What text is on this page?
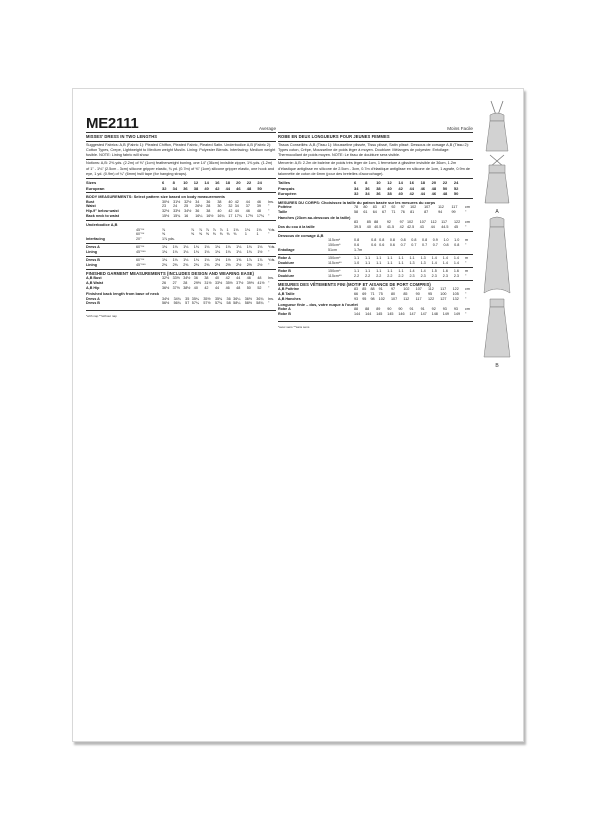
ME2111	Average
MISSES' DRESS IN TWO LENGTHS
Suggested Fabrics: A,B (Fabric 1): Pleated Chiffon, Pleated Fabric, Pleated Satin. Underbodice A,B (Fabric 2): Cotton Types, Crepe, Lightweight to Medium weight Muslin. Lining: Polyester Blends. Interfacing: Medium weight fusible. NOTE: Lining fabric will show.
Notions: A,B: 2⅜ yds. (2.2m) of ⅜" (1cm) featherweight boning, one 14" (36cm) invisible zipper, 1⅜ yds. (1.2m) of 1" - 1⅛" (2.5cm - 3cm) silicone gripper elastic, ¾ yd. (0.7m) of ⅜" (1cm) silicone gripper elastic, one hook and eye, 1 yd. (0.9m) of ¼" (6mm) twill tape (for hanging straps).
Sizes		6	8	10	12	14	16	18	20	22	24	
European		32	34	36	38	40	42	44	46	48	50	
BODY MEASUREMENTS: Select pattern size based on body measurements
Bust		30½	31½	32½	34	36	38	40	42	44	46	Ins.
Waist		23	24	25	26½	28	30	32	34	37	39	"
Hip-9" below waist		32½	33½	34½	36	38	40	42	44	46	48	"
Back neck to waist		15½	15¾	16	16¼	16½	16¾	17	17¼	17½	17¾	"
Underbodice A,B
	45"**	⅞	⅞	⅞	⅞	⅞	⅞	1	1⅛	1⅛	1⅛	Yds.
	60"**	⅝	⅝	⅝	⅝	⅝	⅝	⅝	⅝	1	1	"
Interfacing	20"	1⅞ yds.										
Dress A	60"**	1⅛	1⅛	1⅛	1⅛	1⅛	1⅛	1⅛	1⅛	1⅛	1⅛	Yds.
Lining	45"***	1⅛	1⅛	1⅛	1⅛	1⅛	1⅛	1⅛	1⅛	1⅛	1½	"
Dress B	60"**	1⅛	1⅛	1⅛	1⅛	1⅛	1½	1½	1⅝	1⅞	1⅞	Yds.
Lining	45"***	2⅜	2⅜	2⅜	2⅜	2⅜	2½	2½	2½	2½	2½	"
FINISHED GARMENT MEASUREMENTS (INCLUDES DESIGN AND WEARING EASE)
A,B Bust		32½	33½	34½	36	38	40	42	44	46	48	Ins.
A,B Waist		26	27	28	29½	31½	33½	35½	37½	39½	41½	"
A,B Hip		36½	37½	38½	40	42	44	46	48	50	52	"
Finished back length from base of neck
Dress A		34½	34¾	35	35¼	35½	35¾	36	36¼	36½	36¾	Ins.
Dress B		56½	56¾	57	57¼	57½	57¾	58	58¼	58½	58¾	"
*with nap **without nap
Moins Facile
ROBE EN DEUX LONGUEURS POUR JEUNES FEMMES
Tissus Conseillés: A,B (Tissu 1): Mousseline plissée, Tissu plissé, Satin plissé. Dessous de corsage A,B (Tissu 2): Types coton, Crêpe, Mousseline de poids léger à moyen. Doublure: Mélanges de polyester. Entoilage: Thermocollant de poids moyen. NOTE: Le tissu de doublure sera visible.
Mercerie: A,B: 2.2m de baleine de poids très léger de 1cm, 1 fermeture à glissière invisible de 36cm, 1.2m d'élastique antiglisse en silicone de 2.5cm - 3cm, 0.7m d'élastique antiglisse en silicone de 1cm, 1 agrafe, 0.9m de talonnette de coton de 6mm (pour des bretelles d'accrochage).
Tailles		6	8	10	12	14	16	18	20	22	24	
Français		34	36	38	40	42	44	46	48	50	52	
Européen		32	34	36	38	40	42	44	46	48	50	
MESURES DU CORPS: Choisissez la taille du patron basée sur les mesures du corps
Poitrine		78	80	83	87	92	97	102	107	112	117	cm
Taille		58	61	64	67	71	76	81	87	94	99	"
Hanches (23cm au-dessous de la taille)
		83	85	88	92	97	102	107	112	117	122	cm
Dos du cou à la taille		39.5	40	40.5	41.5	42	42.5	43	44	44.5	45	"
Dessous de corsage A,B
	115cm*	0.8	0.8	0.8	0.8	0.8	0.8	0.8	0.9	1.0	1.0	m
	150cm*	0.6	0.6	0.6	0.6	0.7	0.7	0.7	0.7	0.8	0.8	"
Entoilage	51cm	1.7m										
Robe A	150cm*	1.1	1.1	1.1	1.1	1.1	1.1	1.3	1.4	1.4	1.4	m
Doublure	115cm**	1.0	1.1	1.1	1.1	1.1	1.3	1.3	1.4	1.4	1.4	"
Robe B	150cm*	1.1	1.1	1.1	1.1	1.1	1.4	1.4	1.5	1.6	1.6	m
Doublure	115cm**	2.2	2.2	2.2	2.2	2.2	2.3	2.3	2.3	2.3	2.3	"
MESURES DES VÊTEMENTS FINI (MOTIF ET AISANCE DE PORT COMPRIS)
A,B Poitrine		83	85	88	91	97	102	107	112	117	122	cm
A,B Taille		66	69	71	75	80	85	90	95	100	105	"
A,B Hanches		93	95	98	102	107	112	117	122	127	132	"
Longueur finie – dos, votre nuque à l'ourlet
Robe A		88	88	89	90	90	91	91	92	93	93	cm
Robe B		144	144	145	145	146	147	147	148	149	149	"
*avec sens **sans sens
A
B
